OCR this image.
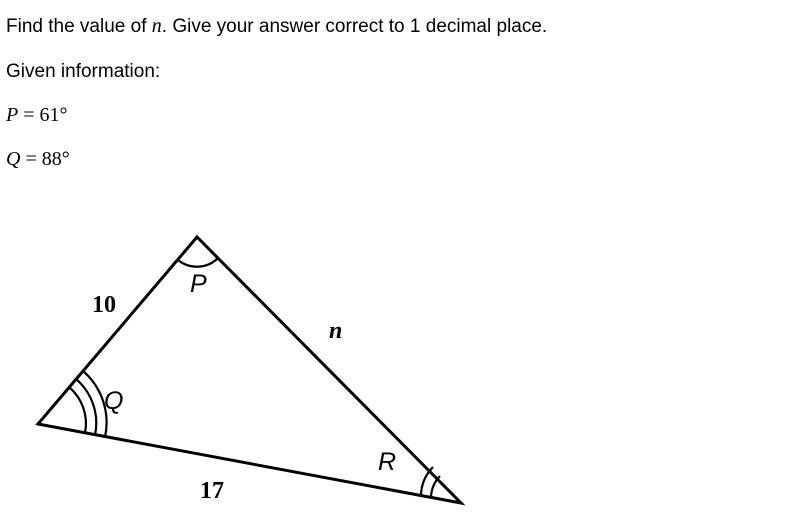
Find the value of n. Give your answer correct to 1 decimal place.
Given information:
P = 61°
Q = 88°
10
17
n
P
Q
R
